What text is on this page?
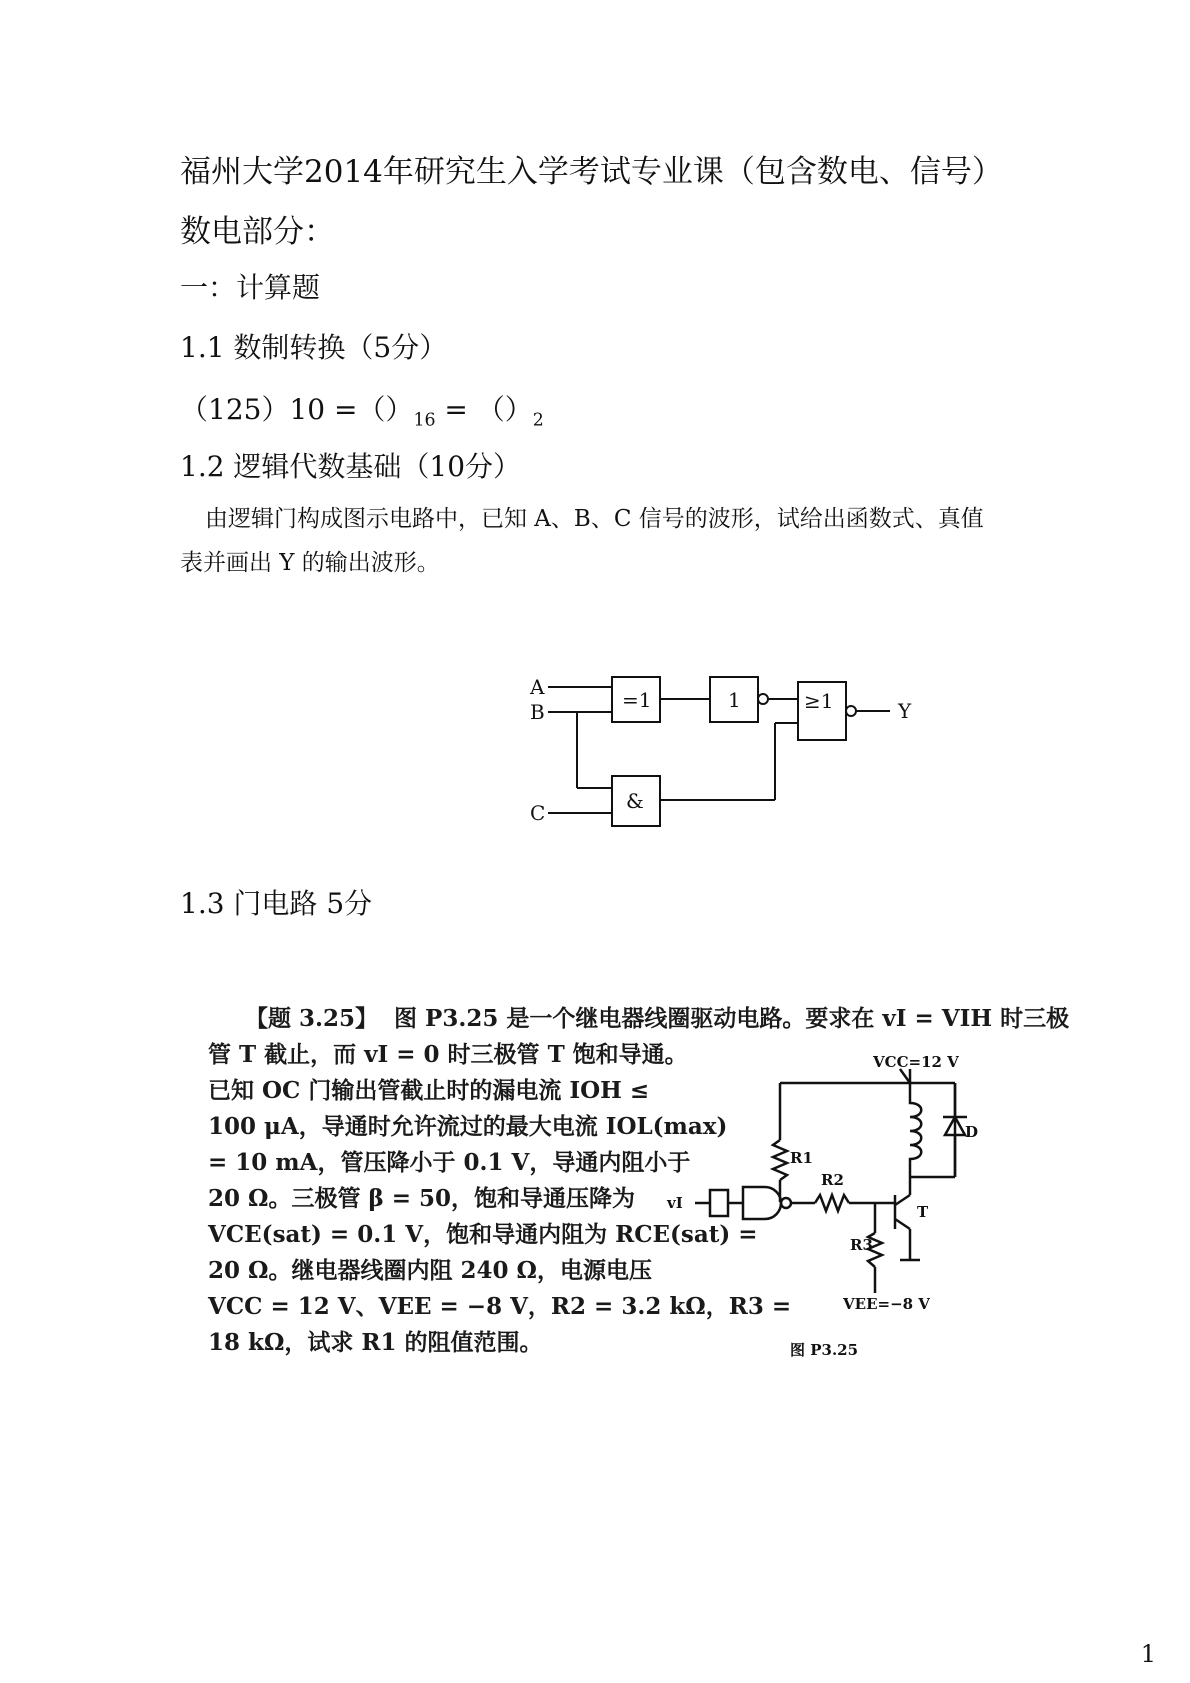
福州大学2014年研究生入学考试专业课（包含数电、信号）
数电部分：
一：计算题
1.1 数制转换（5分）
$(125)10 =()_{16} = ()_2$
1.2 逻辑代数基础（10分）
由逻辑门构成图示电路中，已知 A、B、C 信号的波形，试给出函数式、真值
表并画出 Y 的输出波形。
A
B
C
=1	1	≥1
&
Y
1.3 门电路 5分
【题 3.25】 图 P3.25 是一个继电器线圈驱动电路。要求在 vI = VIH 时三极
管 T 截止，而 vI = 0 时三极管 T 饱和导通。
已知 OC 门输出管截止时的漏电流 IOH ≤
100 μA，导通时允许流过的最大电流 IOL(max)
= 10 mA，管压降小于 0.1 V，导通内阻小于
20 Ω。三极管 β = 50，饱和导通压降为
VCE(sat) = 0.1 V，饱和导通内阻为 RCE(sat) =
20 Ω。继电器线圈内阻 240 Ω，电源电压
VCC = 12 V、VEE = −8 V，R2 = 3.2 kΩ，R3 =
18 kΩ，试求 R1 的阻值范围。
VCC=12 V
R1
D
R2
T
R3
vI
VEE=−8 V
图 P3.25
1
